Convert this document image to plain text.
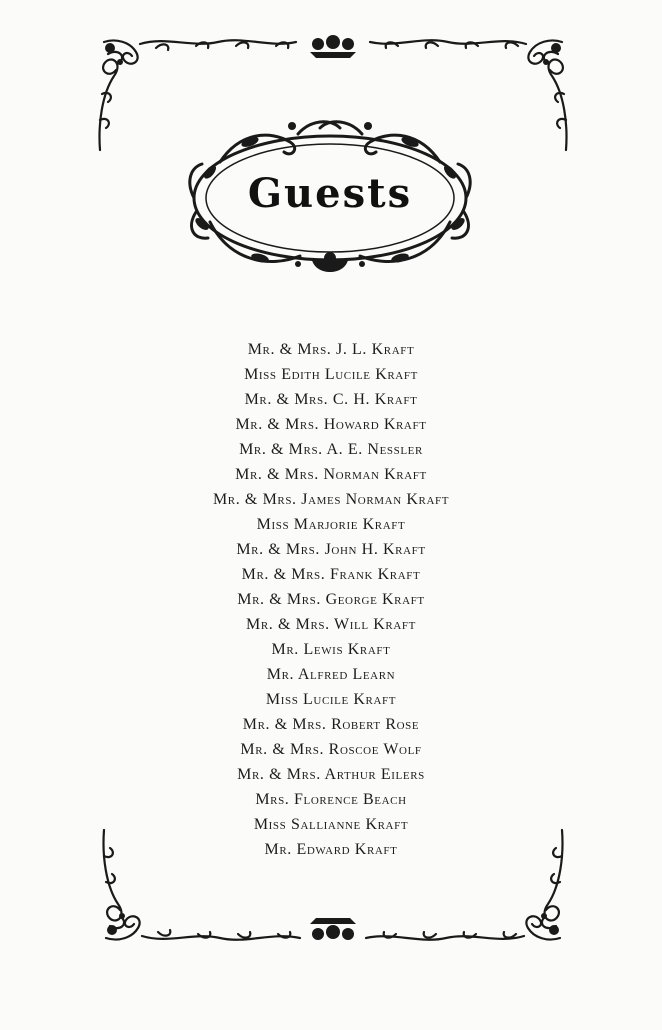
Guests
Mr. & Mrs. J. L. Kraft
Miss Edith Lucile Kraft
Mr. & Mrs. C. H. Kraft
Mr. & Mrs. Howard Kraft
Mr. & Mrs. A. E. Nessler
Mr. & Mrs. Norman Kraft
Mr. & Mrs. James Norman Kraft
Miss Marjorie Kraft
Mr. & Mrs. John H. Kraft
Mr. & Mrs. Frank Kraft
Mr. & Mrs. George Kraft
Mr. & Mrs. Will Kraft
Mr. Lewis Kraft
Mr. Alfred Learn
Miss Lucile Kraft
Mr. & Mrs. Robert Rose
Mr. & Mrs. Roscoe Wolf
Mr. & Mrs. Arthur Eilers
Mrs. Florence Beach
Miss Sallianne Kraft
Mr. Edward Kraft
